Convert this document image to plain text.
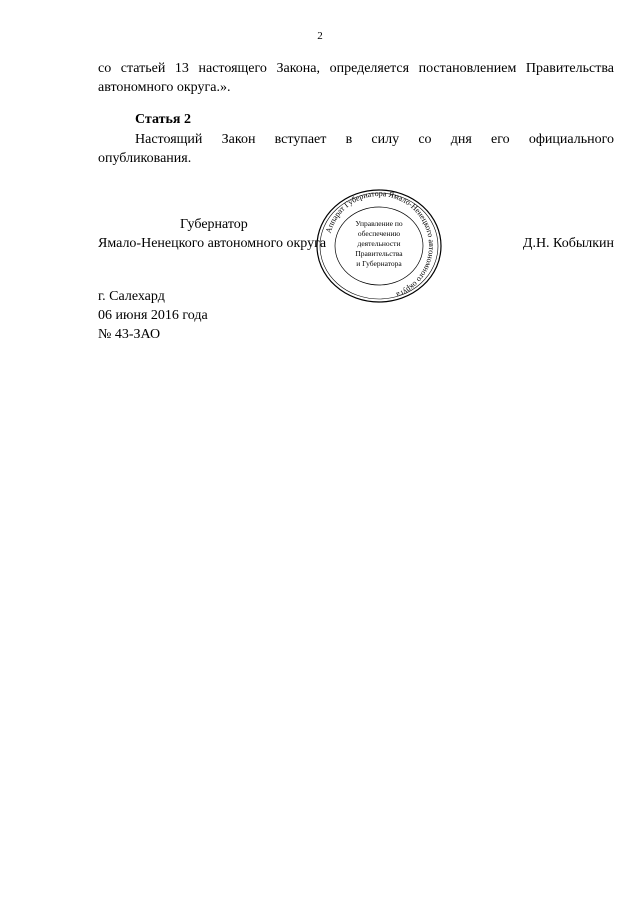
2
со статьей 13 настоящего Закона, определяется постановлением Правительства
автономного округа.».
Статья 2
Настоящий Закон вступает в силу со дня его официального
опубликования.
Губернатор
Ямало-Ненецкого автономного округа	Д.Н. Кобылкин
Аппарат Губернатора Ямало-Ненецкого автономного округа
Управление по
обеспечению
деятельности
Правительства
и Губернатора
г. Салехард
06 июня 2016 года
№ 43-ЗАО
